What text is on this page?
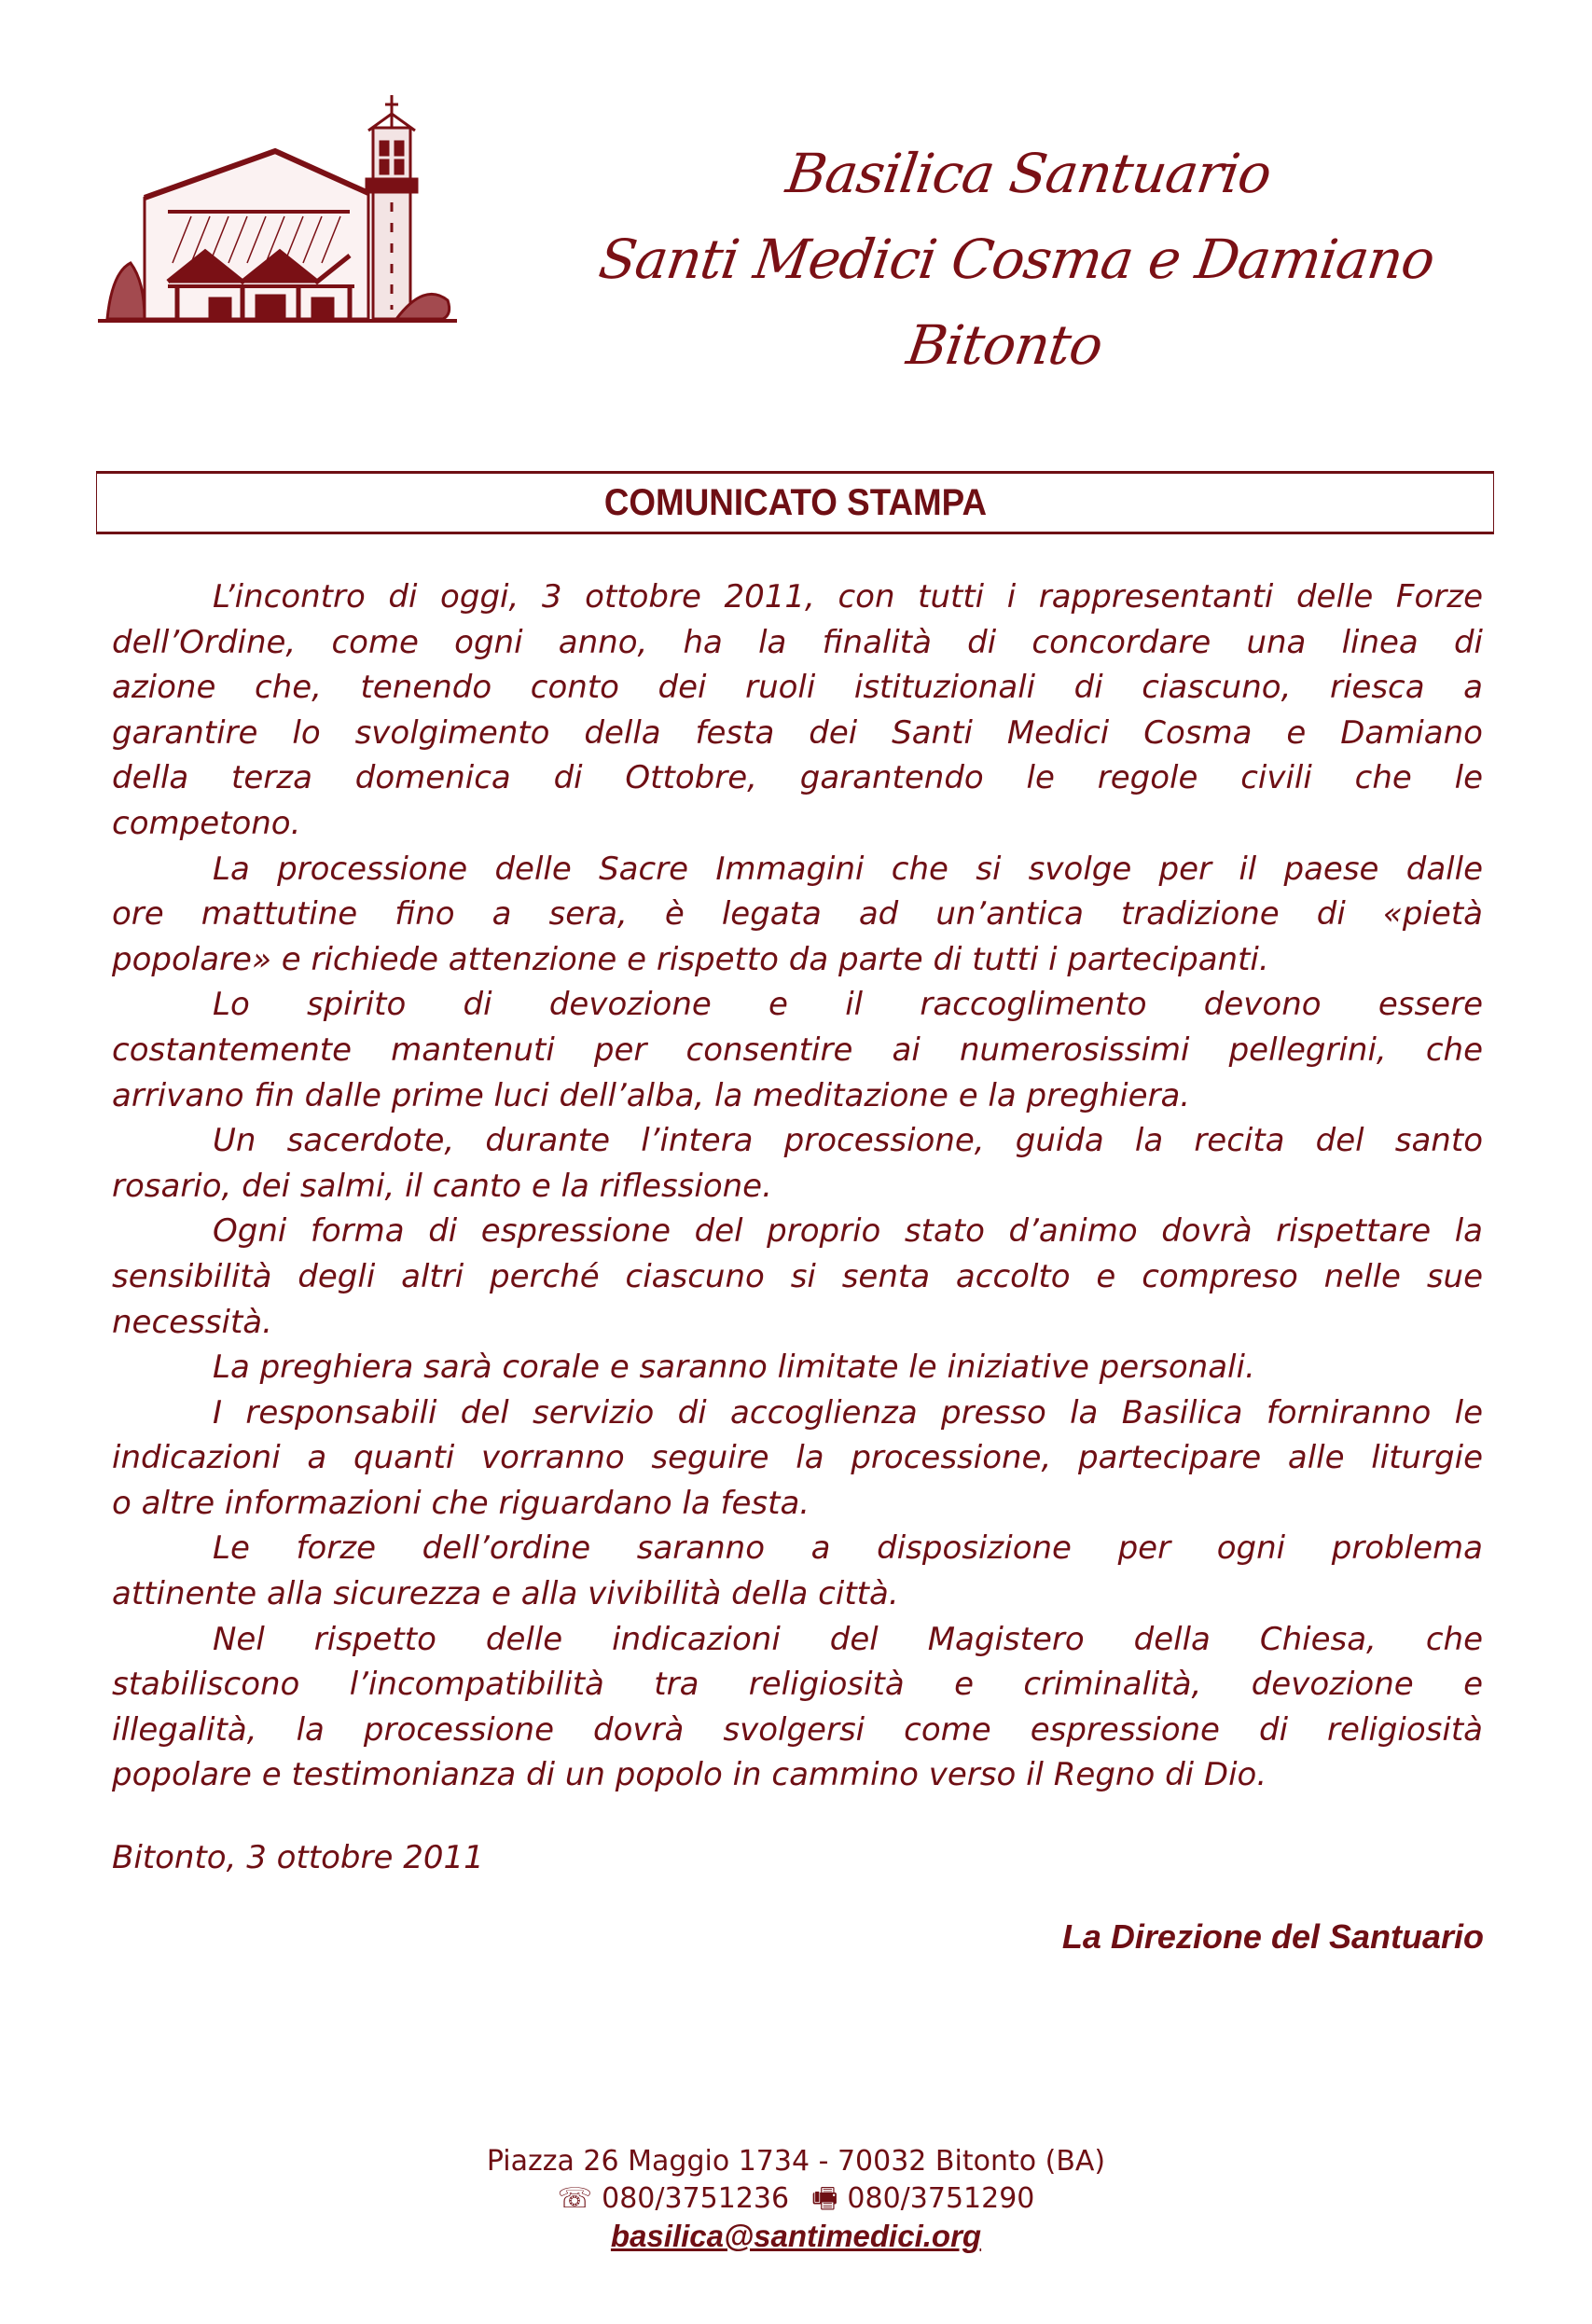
Basilica Santuario
Santi Medici Cosma e Damiano
Bitonto
COMUNICATO STAMPA

L’incontro di oggi, 3 ottobre 2011, con tutti i rappresentanti delle Forze
dell’Ordine, come ogni anno, ha la finalità di concordare una linea di
azione che, tenendo conto dei ruoli istituzionali di ciascuno, riesca a
garantire lo svolgimento della festa dei Santi Medici Cosma e Damiano
della terza domenica di Ottobre, garantendo le regole civili che le
competono.

La processione delle Sacre Immagini che si svolge per il paese dalle
ore mattutine fino a sera, è legata ad un’antica tradizione di «pietà
popolare» e richiede attenzione e rispetto da parte di tutti i partecipanti.

Lo spirito di devozione e il raccoglimento devono essere
costantemente mantenuti per consentire ai numerosissimi pellegrini, che
arrivano fin dalle prime luci dell’alba, la meditazione e la preghiera.

Un sacerdote, durante l’intera processione, guida la recita del santo
rosario, dei salmi, il canto e la riflessione.

Ogni forma di espressione del proprio stato d’animo dovrà rispettare la
sensibilità degli altri perché ciascuno si senta accolto e compreso nelle sue
necessità.

La preghiera sarà corale e saranno limitate le iniziative personali.

I responsabili del servizio di accoglienza presso la Basilica forniranno le
indicazioni a quanti vorranno seguire la processione, partecipare alle liturgie
o altre informazioni che riguardano la festa.

Le forze dell’ordine saranno a disposizione per ogni problema
attinente alla sicurezza e alla vivibilità della città.

Nel rispetto delle indicazioni del Magistero della Chiesa, che
stabiliscono l’incompatibilità tra religiosità e criminalità, devozione e
illegalità, la processione dovrà svolgersi come espressione di religiosità
popolare e testimonianza di un popolo in cammino verso il Regno di Dio.

Bitonto, 3 ottobre 2011
La Direzione del Santuario
Piazza 26 Maggio 1734 - 70032 Bitonto (BA)
☏ 080/3751236 🖷 080/3751290
basilica@santimedici.org
